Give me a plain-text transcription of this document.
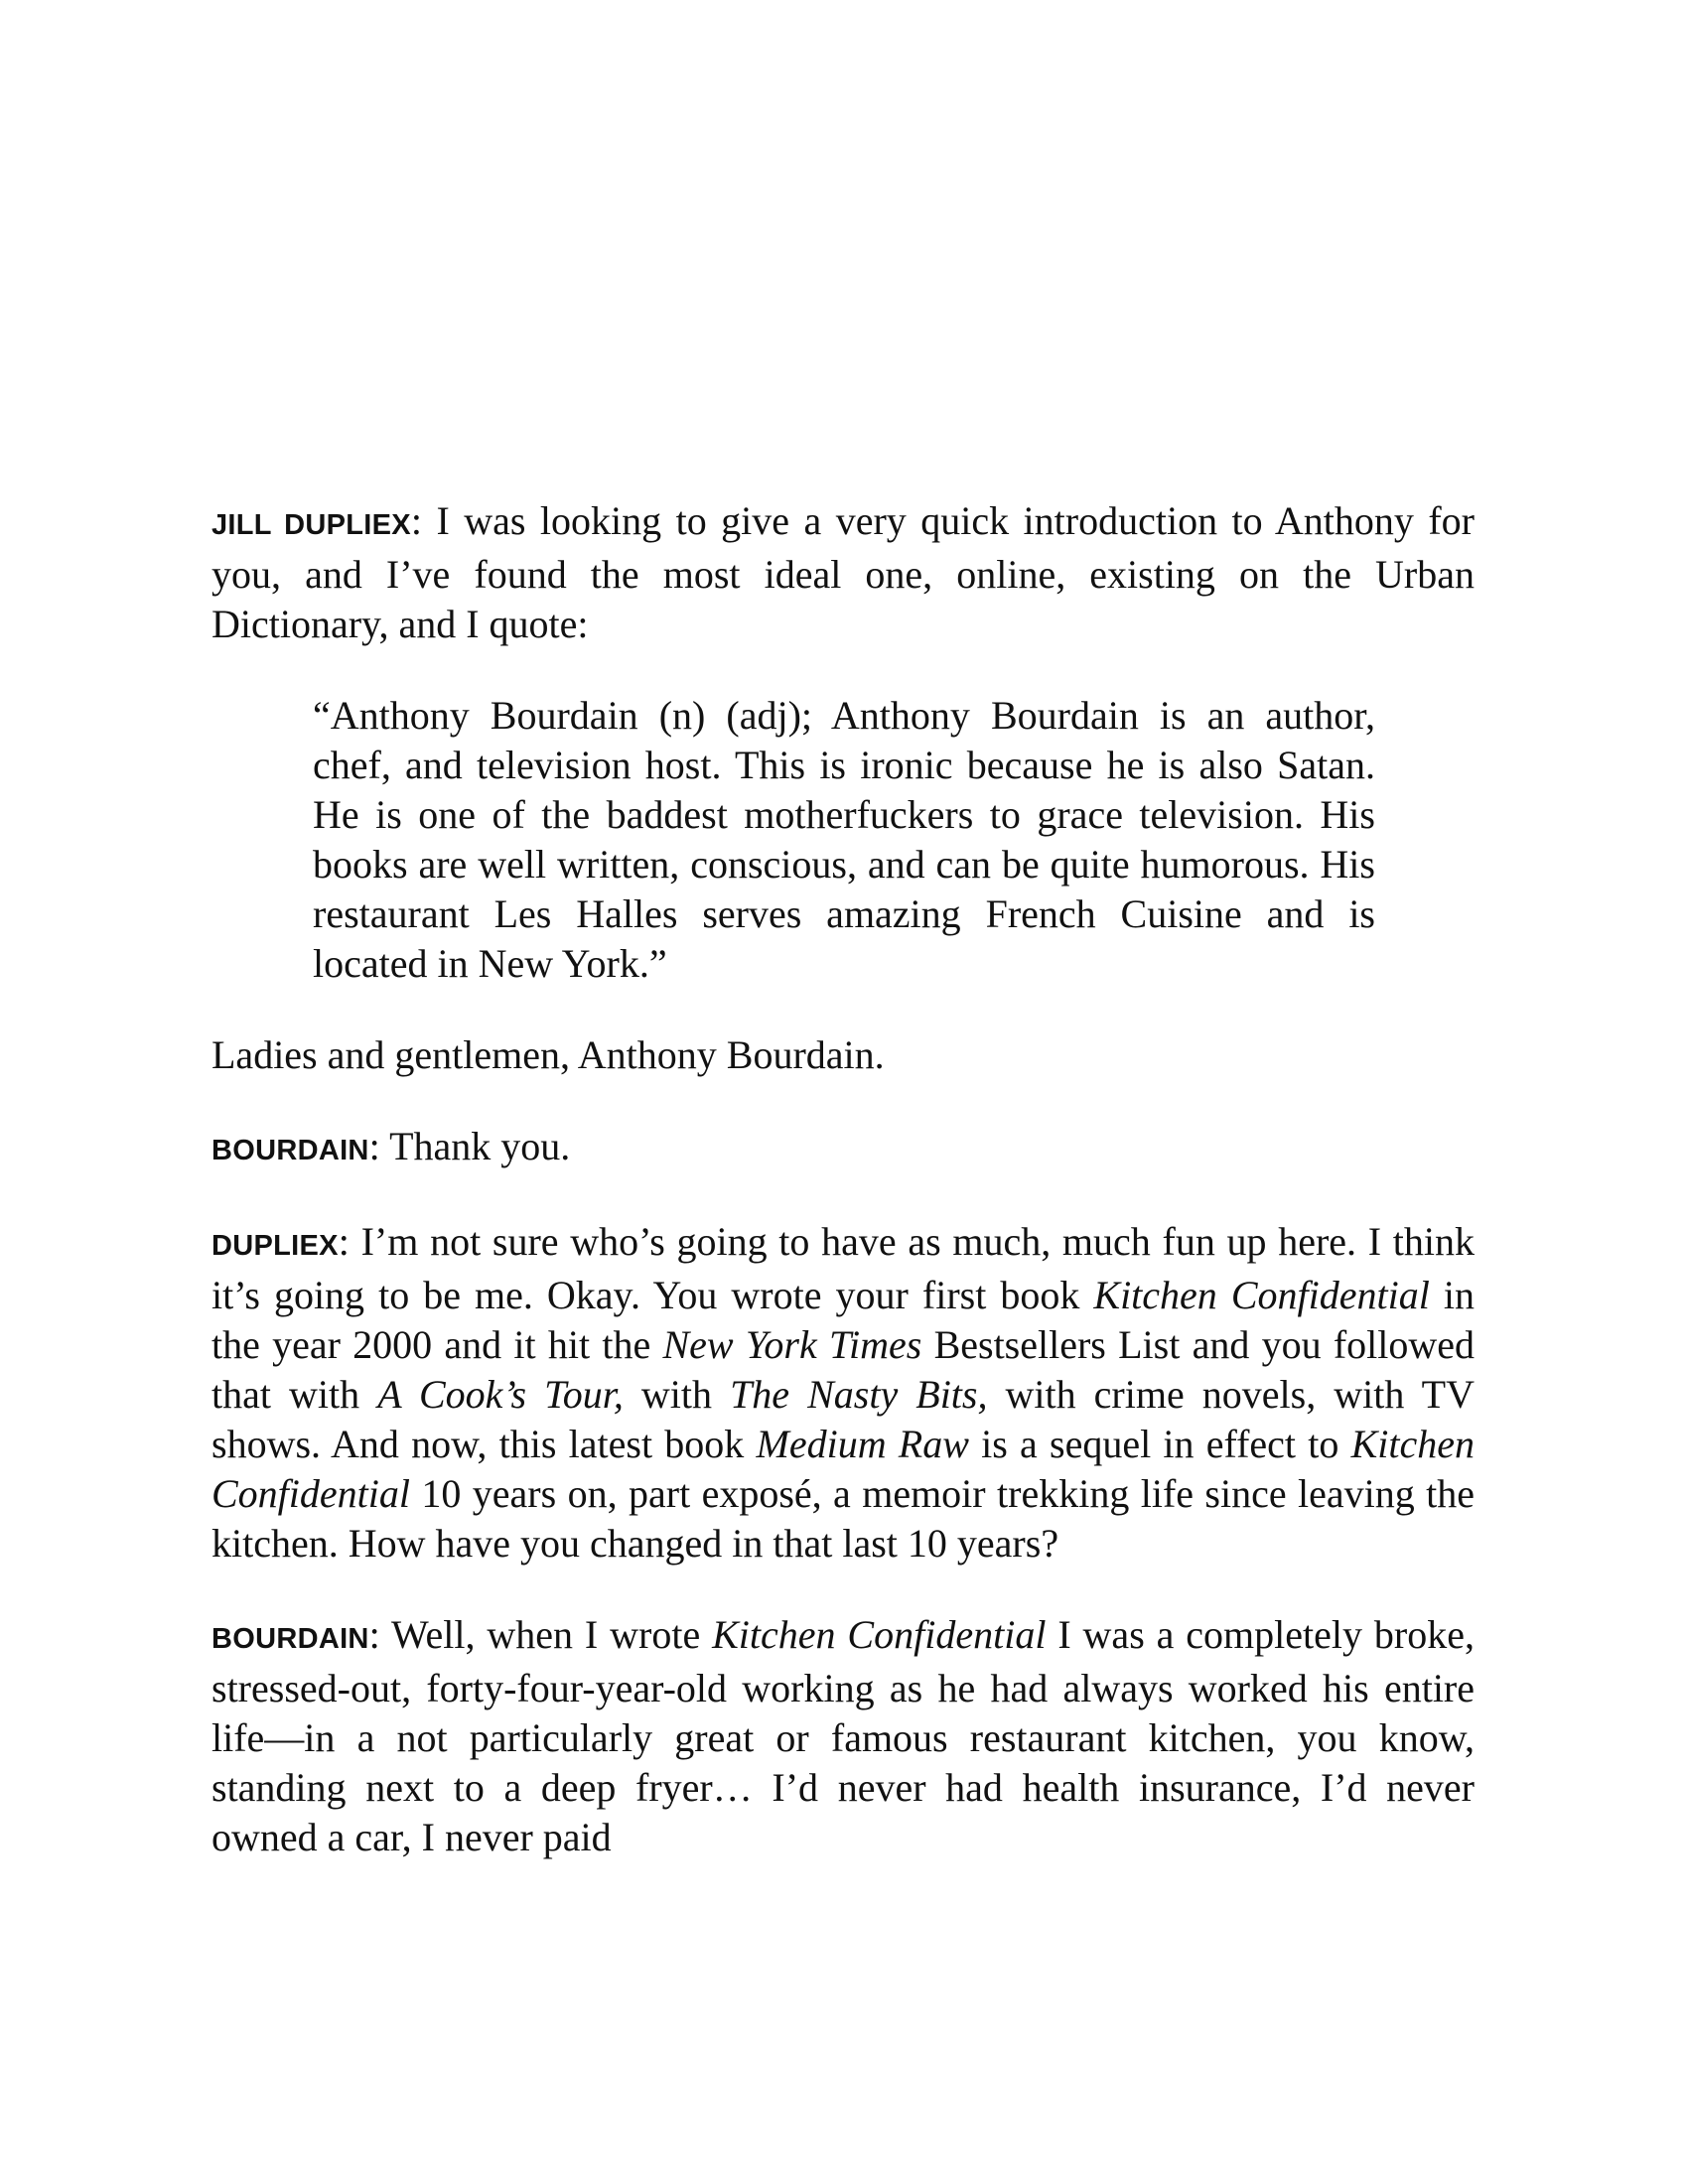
JILL DUPLIEX: I was looking to give a very quick introduction to Anthony for you, and I’ve found the most ideal one, online, existing on the Urban Dictionary, and I quote:

“Anthony Bourdain (n) (adj); Anthony Bourdain is an author, chef, and television host. This is ironic because he is also Satan. He is one of the baddest motherfuckers to grace television. His books are well written, conscious, and can be quite humorous. His restaurant Les Halles serves amazing French Cuisine and is located in New York.”

Ladies and gentlemen, Anthony Bourdain.

BOURDAIN: Thank you.

DUPLIEX: I’m not sure who’s going to have as much, much fun up here. I think it’s going to be me. Okay. You wrote your first book Kitchen Confidential in the year 2000 and it hit the New York Times Bestsellers List and you followed that with A Cook’s Tour, with The Nasty Bits, with crime novels, with TV shows. And now, this latest book Medium Raw is a sequel in effect to Kitchen Confidential 10 years on, part exposé, a memoir trekking life since leaving the kitchen. How have you changed in that last 10 years?

BOURDAIN: Well, when I wrote Kitchen Confidential I was a completely broke, stressed-out, forty-four-year-old working as he had always worked his entire life—in a not particularly great or famous restaurant kitchen, you know, standing next to a deep fryer… I’d never had health insurance, I’d never owned a car, I never paid
